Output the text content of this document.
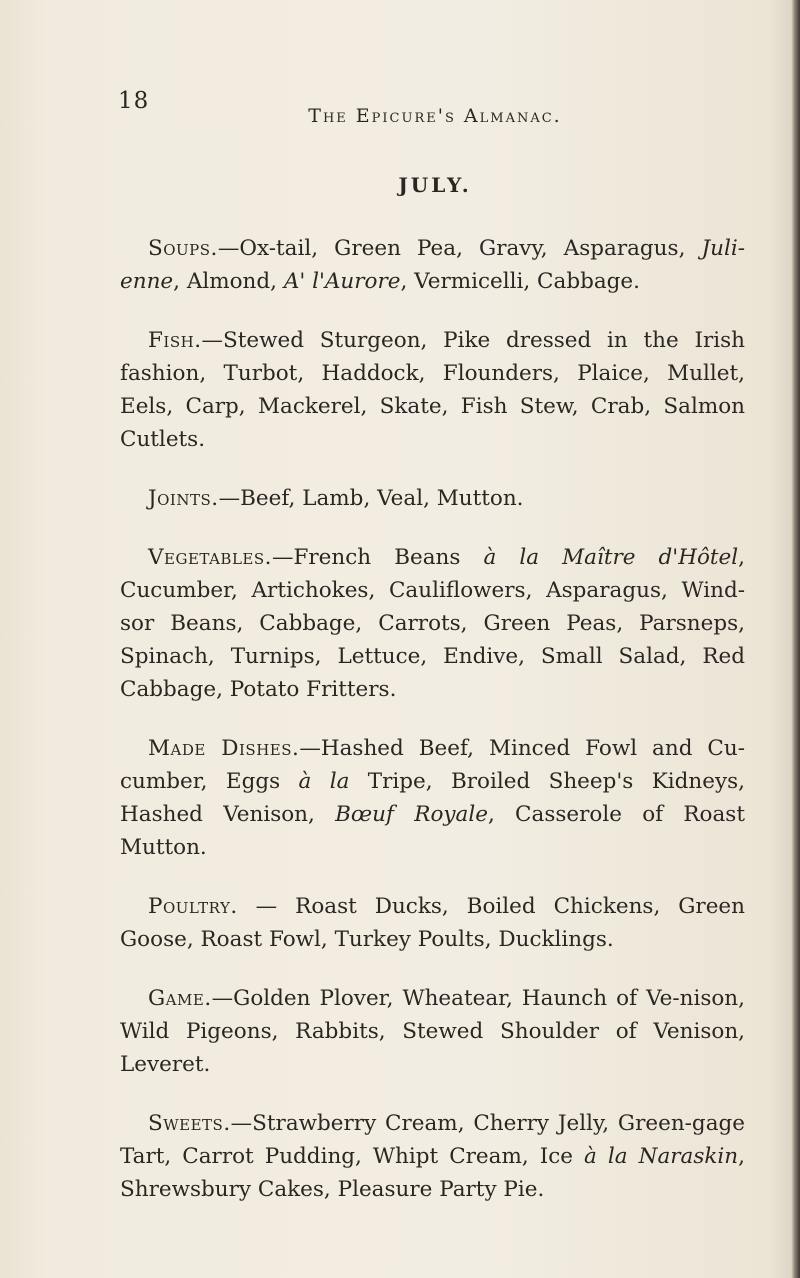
18
The Epicure's Almanac.
JULY.

Soups.—Ox-tail, Green Pea, Gravy, Asparagus, Juli-enne, Almond, A' l'Aurore, Vermicelli, Cabbage.

Fish.—Stewed Sturgeon, Pike dressed in the Irish fashion, Turbot, Haddock, Flounders, Plaice, Mullet, Eels, Carp, Mackerel, Skate, Fish Stew, Crab, Salmon Cutlets.

Joints.—Beef, Lamb, Veal, Mutton.

Vegetables.—French Beans à la Maître d'Hôtel, Cucumber, Artichokes, Cauliflowers, Asparagus, Wind-sor Beans, Cabbage, Carrots, Green Peas, Parsneps, Spinach, Turnips, Lettuce, Endive, Small Salad, Red Cabbage, Potato Fritters.

Made Dishes.—Hashed Beef, Minced Fowl and Cu-cumber, Eggs à la Tripe, Broiled Sheep's Kidneys, Hashed Venison, Bœuf Royale, Casserole of Roast Mutton.

Poultry. — Roast Ducks, Boiled Chickens, Green Goose, Roast Fowl, Turkey Poults, Ducklings.

Game.—Golden Plover, Wheatear, Haunch of Ve-nison, Wild Pigeons, Rabbits, Stewed Shoulder of Venison, Leveret.

Sweets.—Strawberry Cream, Cherry Jelly, Green-gage Tart, Carrot Pudding, Whipt Cream, Ice à la Naraskin, Shrewsbury Cakes, Pleasure Party Pie.
